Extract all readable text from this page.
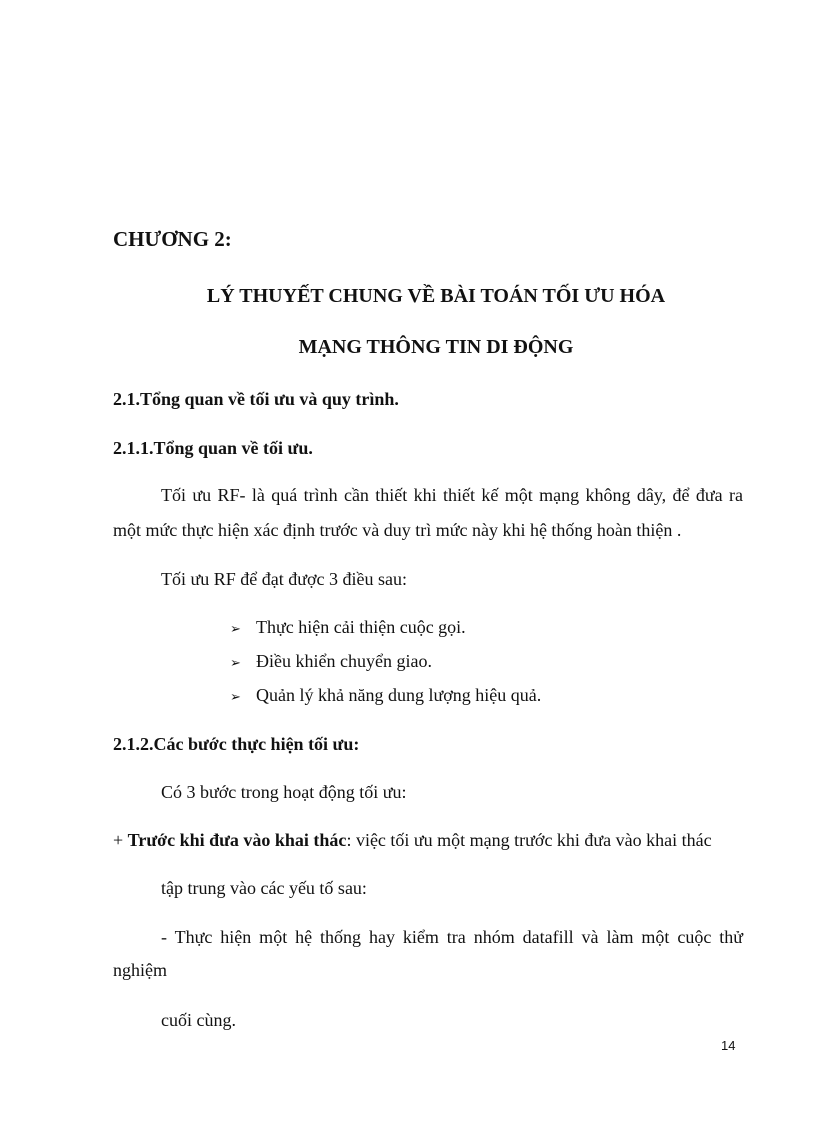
CHƯƠNG 2:
LÝ THUYẾT CHUNG VỀ BÀI TOÁN TỐI ƯU HÓA
MẠNG THÔNG TIN DI ĐỘNG
2.1.Tổng quan về tối ưu và quy trình.
2.1.1.Tổng quan về tối ưu.
Tối ưu RF- là quá trình cần thiết khi thiết kế một mạng không dây, để đưa ra
một mức thực hiện xác định trước và duy trì mức này khi hệ thống hoàn thiện .
Tối ưu RF để đạt được 3 điều sau:
➢ Thực hiện cải thiện cuộc gọi.
➢ Điều khiển chuyển giao.
➢ Quản lý khả năng dung lượng hiệu quả.
2.1.2.Các bước thực hiện tối ưu:
Có 3 bước trong hoạt động tối ưu:
+ Trước khi đưa vào khai thác: việc tối ưu một mạng trước khi đưa vào khai thác
tập trung vào các yếu tố sau:
- Thực hiện một hệ thống hay kiểm tra nhóm datafill và làm một cuộc thử
nghiệm
cuối cùng.
14
